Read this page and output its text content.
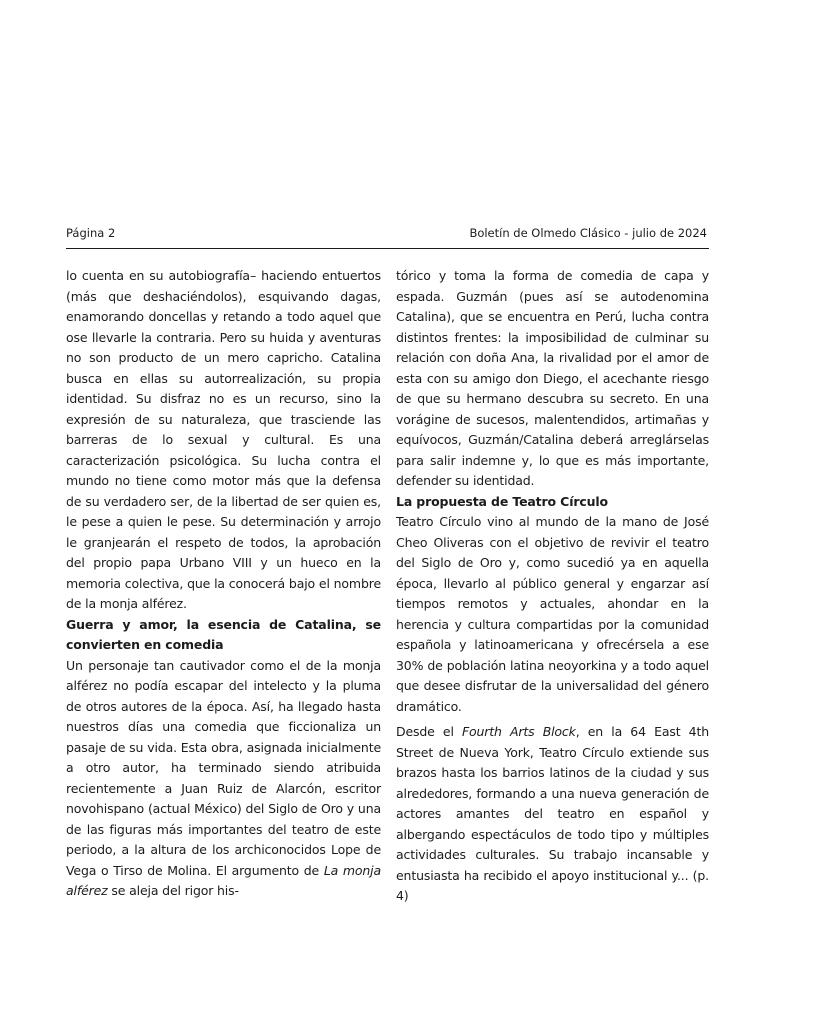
Página 2	Boletín de Olmedo Clásico - julio de 2024

lo cuenta en su autobiografía– haciendo entuertos (más que deshaciéndolos), esquivando dagas, enamorando doncellas y retando a todo aquel que ose llevarle la contraria. Pero su huida y aventuras no son producto de un mero capricho. Catalina busca en ellas su autorrealización, su propia identidad. Su disfraz no es un recurso, sino la expresión de su naturaleza, que trasciende las barreras de lo sexual y cultural. Es una caracterización psicológica. Su lucha contra el mundo no tiene como motor más que la defensa de su verdadero ser, de la libertad de ser quien es, le pese a quien le pese. Su determinación y arrojo le granjearán el respeto de todos, la aprobación del propio papa Urbano VIII y un hueco en la memoria colectiva, que la conocerá bajo el nombre de la monja alférez.

Guerra y amor, la esencia de Catalina, se convierten en comedia

Un personaje tan cautivador como el de la monja alférez no podía escapar del intelecto y la pluma de otros autores de la época. Así, ha llegado hasta nuestros días una comedia que ficcionaliza un pasaje de su vida. Esta obra, asignada inicialmente a otro autor, ha terminado siendo atribuida recientemente a Juan Ruiz de Alarcón, escritor novohispano (actual México) del Siglo de Oro y una de las figuras más importantes del teatro de este periodo, a la altura de los archiconocidos Lope de Vega o Tirso de Molina. El argumento de La monja alférez se aleja del rigor his-

tórico y toma la forma de comedia de capa y espada. Guzmán (pues así se autodenomina Catalina), que se encuentra en Perú, lucha contra distintos frentes: la imposibilidad de culminar su relación con doña Ana, la rivalidad por el amor de esta con su amigo don Diego, el acechante riesgo de que su hermano descubra su secreto. En una vorágine de sucesos, malentendidos, artimañas y equívocos, Guzmán/Catalina deberá arreglárselas para salir indemne y, lo que es más importante, defender su identidad.

La propuesta de Teatro Círculo

Teatro Círculo vino al mundo de la mano de José Cheo Oliveras con el objetivo de revivir el teatro del Siglo de Oro y, como sucedió ya en aquella época, llevarlo al público general y engarzar así tiempos remotos y actuales, ahondar en la herencia y cultura compartidas por la comunidad española y latinoamericana y ofrecérsela a ese 30% de población latina neoyorkina y a todo aquel que desee disfrutar de la universalidad del género dramático.

Desde el Fourth Arts Block, en la 64 East 4th Street de Nueva York, Teatro Círculo extiende sus brazos hasta los barrios latinos de la ciudad y sus alrededores, formando a una nueva generación de actores amantes del teatro en español y albergando espectáculos de todo tipo y múltiples actividades culturales. Su trabajo incansable y entusiasta ha recibido el apoyo institucional y... (p. 4)
